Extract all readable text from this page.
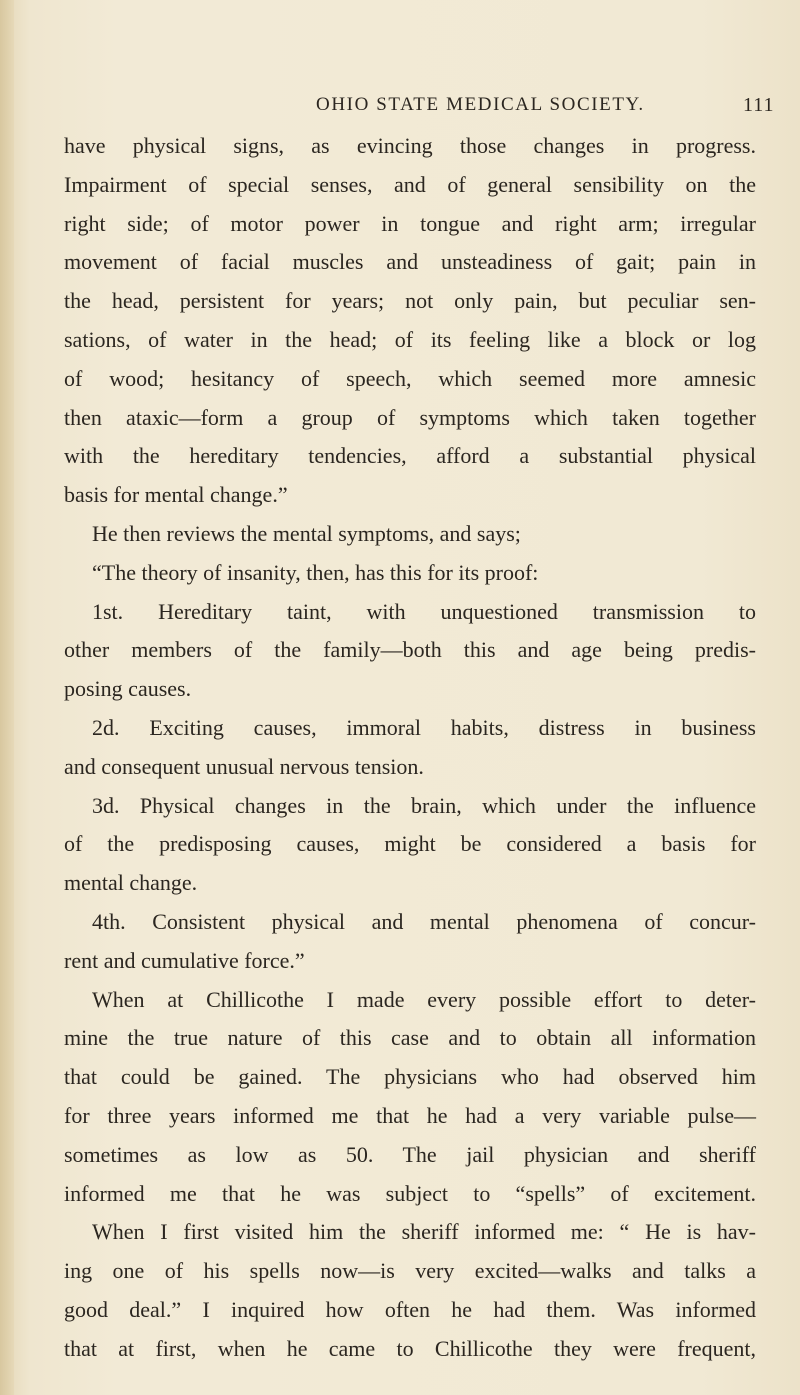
OHIO STATE MEDICAL SOCIETY.	111
have physical signs, as evincing those changes in progress.
Impairment of special senses, and of general sensibility on the
right side; of motor power in tongue and right arm; irregular
movement of facial muscles and unsteadiness of gait; pain in
the head, persistent for years; not only pain, but peculiar sen-
sations, of water in the head; of its feeling like a block or log
of wood; hesitancy of speech, which seemed more amnesic
then ataxic—form a group of symptoms which taken together
with the hereditary tendencies, afford a substantial physical
basis for mental change.”
He then reviews the mental symptoms, and says;
“The theory of insanity, then, has this for its proof:
1st. Hereditary taint, with unquestioned transmission to
other members of the family—both this and age being predis-
posing causes.
2d. Exciting causes, immoral habits, distress in business
and consequent unusual nervous tension.
3d. Physical changes in the brain, which under the influence
of the predisposing causes, might be considered a basis for
mental change.
4th. Consistent physical and mental phenomena of concur-
rent and cumulative force.”
When at Chillicothe I made every possible effort to deter-
mine the true nature of this case and to obtain all information
that could be gained. The physicians who had observed him
for three years informed me that he had a very variable pulse—
sometimes as low as 50. The jail physician and sheriff
informed me that he was subject to “spells” of excitement.
When I first visited him the sheriff informed me: “ He is hav-
ing one of his spells now—is very excited—walks and talks a
good deal.” I inquired how often he had them. Was informed
that at first, when he came to Chillicothe they were frequent,
